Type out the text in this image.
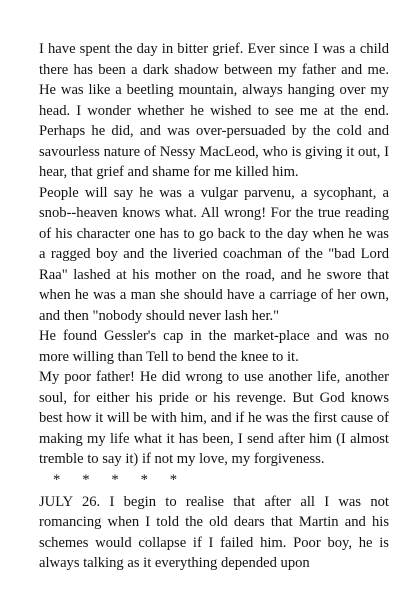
I have spent the day in bitter grief. Ever since I was a child there has been a dark shadow between my father and me. He was like a beetling mountain, always hanging over my head. I wonder whether he wished to see me at the end. Perhaps he did, and was over-persuaded by the cold and savourless nature of Nessy MacLeod, who is giving it out, I hear, that grief and shame for me killed him.

People will say he was a vulgar parvenu, a sycophant, a snob--heaven knows what. All wrong! For the true reading of his character one has to go back to the day when he was a ragged boy and the liveried coachman of the "bad Lord Raa" lashed at his mother on the road, and he swore that when he was a man she should have a carriage of her own, and then "nobody should never lash her."

He found Gessler's cap in the market-place and was no more willing than Tell to bend the knee to it.

My poor father! He did wrong to use another life, another soul, for either his pride or his revenge. But God knows best how it will be with him, and if he was the first cause of making my life what it has been, I send after him (I almost tremble to say it) if not my love, my forgiveness.

*      *      *      *      *

JULY 26. I begin to realise that after all I was not romancing when I told the old dears that Martin and his schemes would collapse if I failed him. Poor boy, he is always talking as it everything depended upon
